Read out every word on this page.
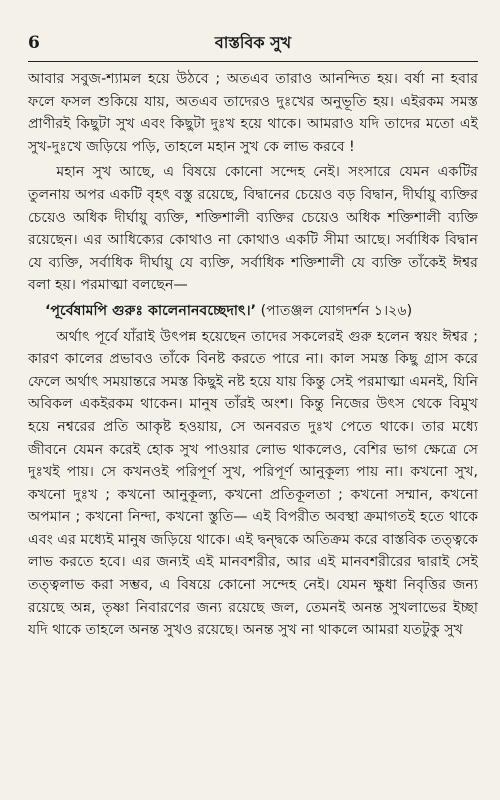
6	বাস্তবিক সুখ

আবার সবুজ-শ্যামল হয়ে উঠবে ; অতএব তারাও আনন্দিত হয়। বর্ষা না হবার ফলে ফসল শুকিয়ে যায়, অতএব তাদেরও দুঃখের অনুভূতি হয়। এইরকম সমস্ত প্রাণীরই কিছুটা সুখ এবং কিছুটা দুঃখ হয়ে থাকে। আমরাও যদি তাদের মতো এই সুখ-দুঃখে জড়িয়ে পড়ি, তাহলে মহান সুখ কে লাভ করবে !

মহান সুখ আছে, এ বিষয়ে কোনো সন্দেহ নেই। সংসারে যেমন একটির তুলনায় অপর একটি বৃহৎ বস্তু রয়েছে, বিদ্বানের চেয়েও বড় বিদ্বান, দীর্ঘায়ু ব্যক্তির চেয়েও অধিক দীর্ঘায়ু ব্যক্তি, শক্তিশালী ব্যক্তির চেয়েও অধিক শক্তিশালী ব্যক্তি রয়েছেন। এর আধিক্যের কোথাও না কোথাও একটি সীমা আছে। সর্বাধিক বিদ্বান যে ব্যক্তি, সর্বাধিক দীর্ঘায়ু যে ব্যক্তি, সর্বাধিক শক্তিশালী যে ব্যক্তি তাঁকেই ঈশ্বর বলা হয়। পরমাত্মা বলছেন—

‘পূর্বেষামপি গুরুঃ কালেনানবচ্ছেদাৎ।’ (পাতঞ্জল যোগদর্শন ১।২৬)

অর্থাৎ পূর্বে যাঁরাই উৎপন্ন হয়েছেন তাদের সকলেরই গুরু হলেন স্বয়ং ঈশ্বর ; কারণ কালের প্রভাবও তাঁকে বিনষ্ট করতে পারে না। কাল সমস্ত কিছু গ্রাস করে ফেলে অর্থাৎ সময়ান্তরে সমস্ত কিছুই নষ্ট হয়ে যায় কিন্তু সেই পরমাত্মা এমনই, যিনি অবিকল একইরকম থাকেন। মানুষ তাঁরই অংশ। কিন্তু নিজের উৎস থেকে বিমুখ হয়ে নশ্বরের প্রতি আকৃষ্ট হওয়ায়, সে অনবরত দুঃখ পেতে থাকে। তার মধ্যে জীবনে যেমন করেই হোক সুখ পাওয়ার লোভ থাকলেও, বেশির ভাগ ক্ষেত্রে সে দুঃখই পায়। সে কখনওই পরিপূর্ণ সুখ, পরিপূর্ণ আনুকূল্য পায় না। কখনো সুখ, কখনো দুঃখ ; কখনো আনুকূল্য, কখনো প্রতিকূলতা ; কখনো সম্মান, কখনো অপমান ; কখনো নিন্দা, কখনো স্তুতি— এই বিপরীত অবস্থা ক্রমাগতই হতে থাকে এবং এর মধ্যেই মানুষ জড়িয়ে থাকে। এই দ্বন্দ্বকে অতিক্রম করে বাস্তবিক তত্ত্বকে লাভ করতে হবে। এর জন্যই এই মানবশরীর, আর এই মানবশরীরের দ্বারাই সেই তত্ত্বলাভ করা সম্ভব, এ বিষয়ে কোনো সন্দেহ নেই। যেমন ক্ষুধা নিবৃত্তির জন্য রয়েছে অন্ন, তৃষ্ণা নিবারণের জন্য রয়েছে জল, তেমনই অনন্ত সুখলাভের ইচ্ছা যদি থাকে তাহলে অনন্ত সুখও রয়েছে। অনন্ত সুখ না থাকলে আমরা যতটুকু সুখ
